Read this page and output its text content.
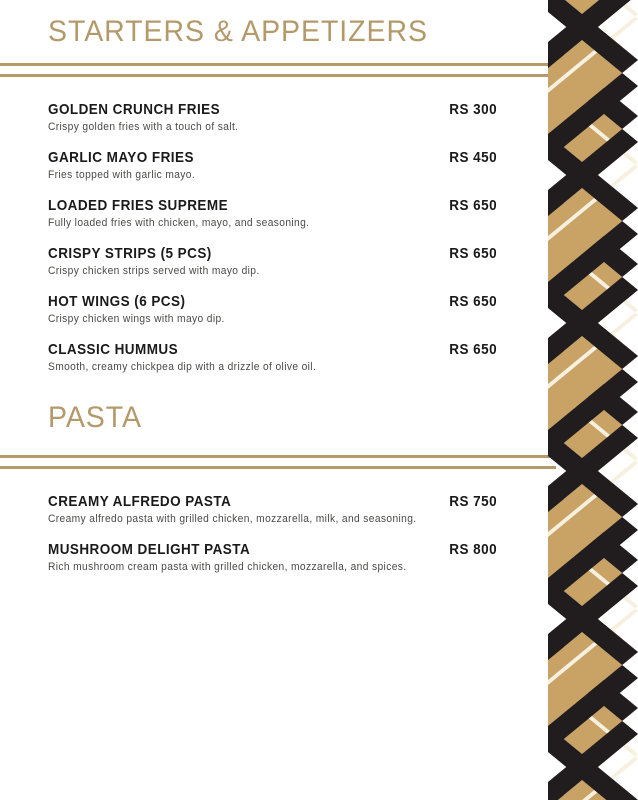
STARTERS & APPETIZERS
GOLDEN CRUNCH FRIES	RS 300
Crispy golden fries with a touch of salt.
GARLIC MAYO FRIES	RS 450
Fries topped with garlic mayo.
LOADED FRIES SUPREME	RS 650
Fully loaded fries with chicken, mayo, and seasoning.
CRISPY STRIPS (5 PCS)	RS 650
Crispy chicken strips served with mayo dip.
HOT WINGS (6 PCS)	RS 650
Crispy chicken wings with mayo dip.
CLASSIC HUMMUS	RS 650
Smooth, creamy chickpea dip with a drizzle of olive oil.
PASTA
CREAMY ALFREDO PASTA	RS 750
Creamy alfredo pasta with grilled chicken, mozzarella, milk, and seasoning.
MUSHROOM DELIGHT PASTA	RS 800
Rich mushroom cream pasta with grilled chicken, mozzarella, and spices.
